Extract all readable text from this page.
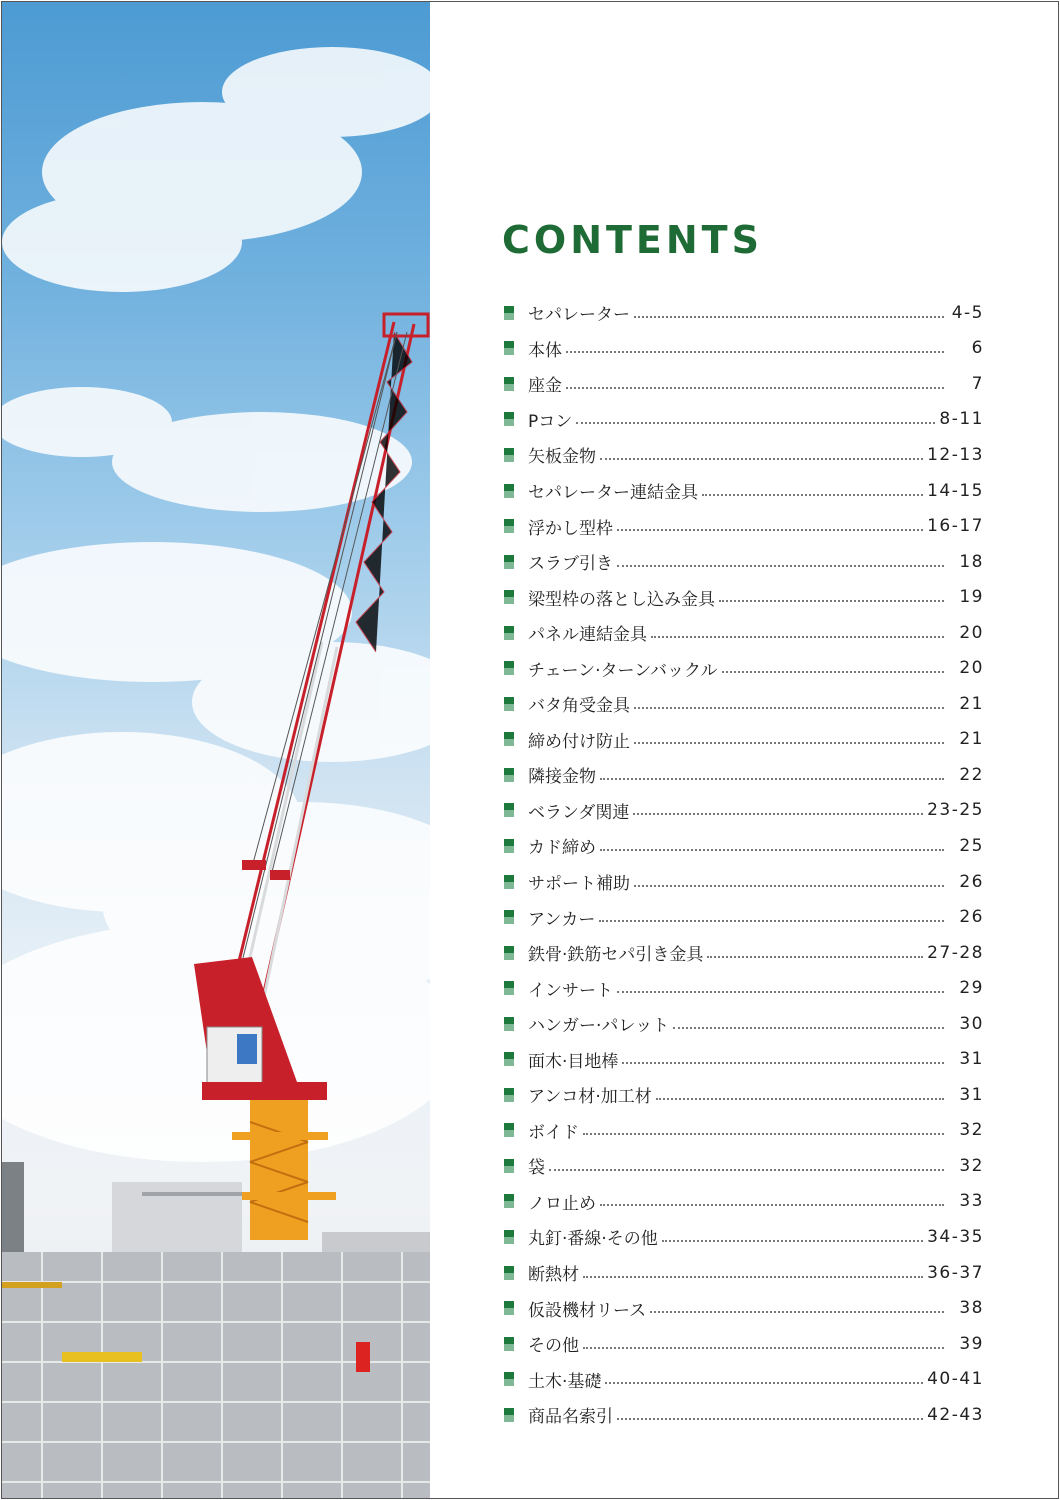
CONTENTS
セパレーター	4-5
本体	6
座金	7
Pコン	8-11
矢板金物	12-13
セパレーター連結金具	14-15
浮かし型枠	16-17
スラブ引き	18
梁型枠の落とし込み金具	19
パネル連結金具	20
チェーン·ターンバックル	20
バタ角受金具	21
締め付け防止	21
隣接金物	22
ベランダ関連	23-25
カド締め	25
サポート補助	26
アンカー	26
鉄骨·鉄筋セパ引き金具	27-28
インサート	29
ハンガー·パレット	30
面木·目地棒	31
アンコ材·加工材	31
ボイド	32
袋	32
ノロ止め	33
丸釘·番線·その他	34-35
断熱材	36-37
仮設機材リース	38
その他	39
土木·基礎	40-41
商品名索引	42-43
